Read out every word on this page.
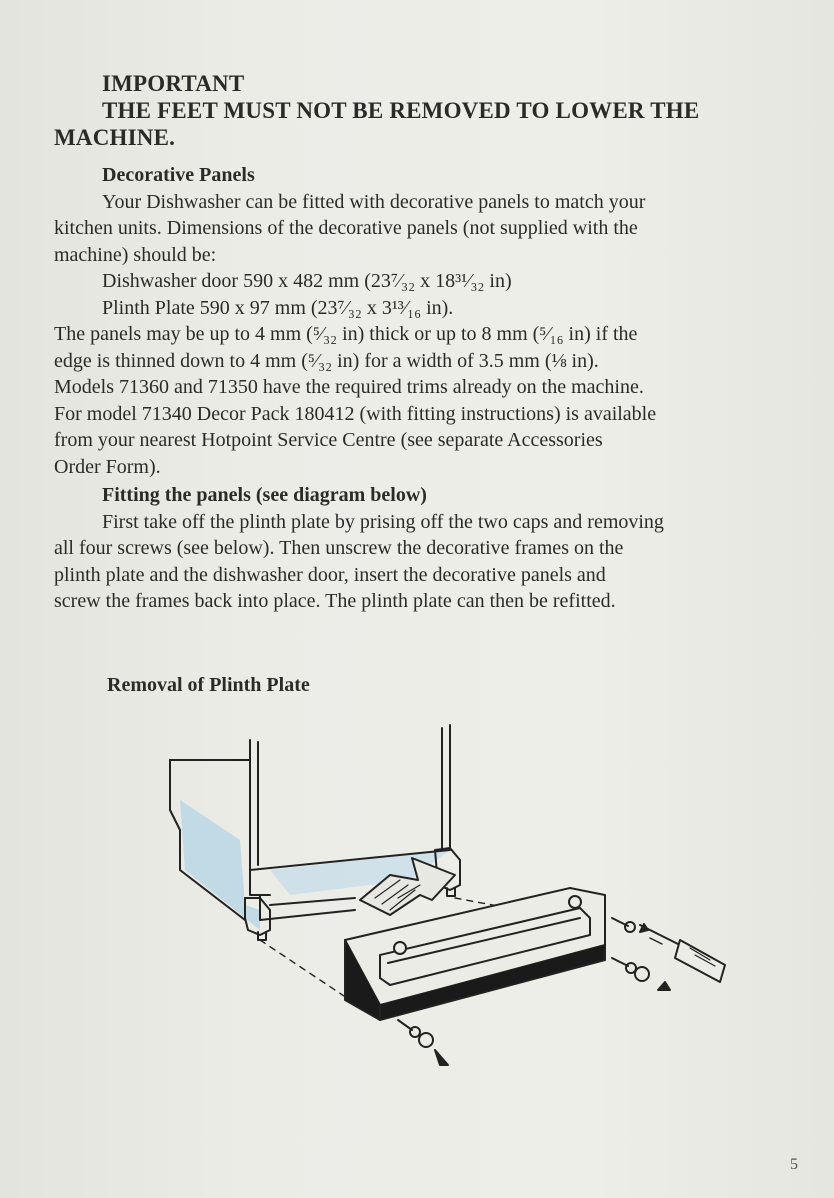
IMPORTANT
THE FEET MUST NOT BE REMOVED TO LOWER THE
MACHINE.

Decorative Panels

Your Dishwasher can be fitted with decorative panels to match your

kitchen units. Dimensions of the decorative panels (not supplied with the

machine) should be:

Dishwasher door 590 x 482 mm (23⁷⁄₃₂ x 18³¹⁄₃₂ in)

Plinth Plate 590 x 97 mm (23⁷⁄₃₂ x 3¹³⁄₁₆ in).

The panels may be up to 4 mm (⁵⁄₃₂ in) thick or up to 8 mm (⁵⁄₁₆ in) if the

edge is thinned down to 4 mm (⁵⁄₃₂ in) for a width of 3.5 mm (⅛ in).

Models 71360 and 71350 have the required trims already on the machine.

For model 71340 Decor Pack 180412 (with fitting instructions) is available

from your nearest Hotpoint Service Centre (see separate Accessories

Order Form).

Fitting the panels (see diagram below)

First take off the plinth plate by prising off the two caps and removing

all four screws (see below). Then unscrew the decorative frames on the

plinth plate and the dishwasher door, insert the decorative panels and

screw the frames back into place. The plinth plate can then be refitted.

Removal of Plinth Plate
5
